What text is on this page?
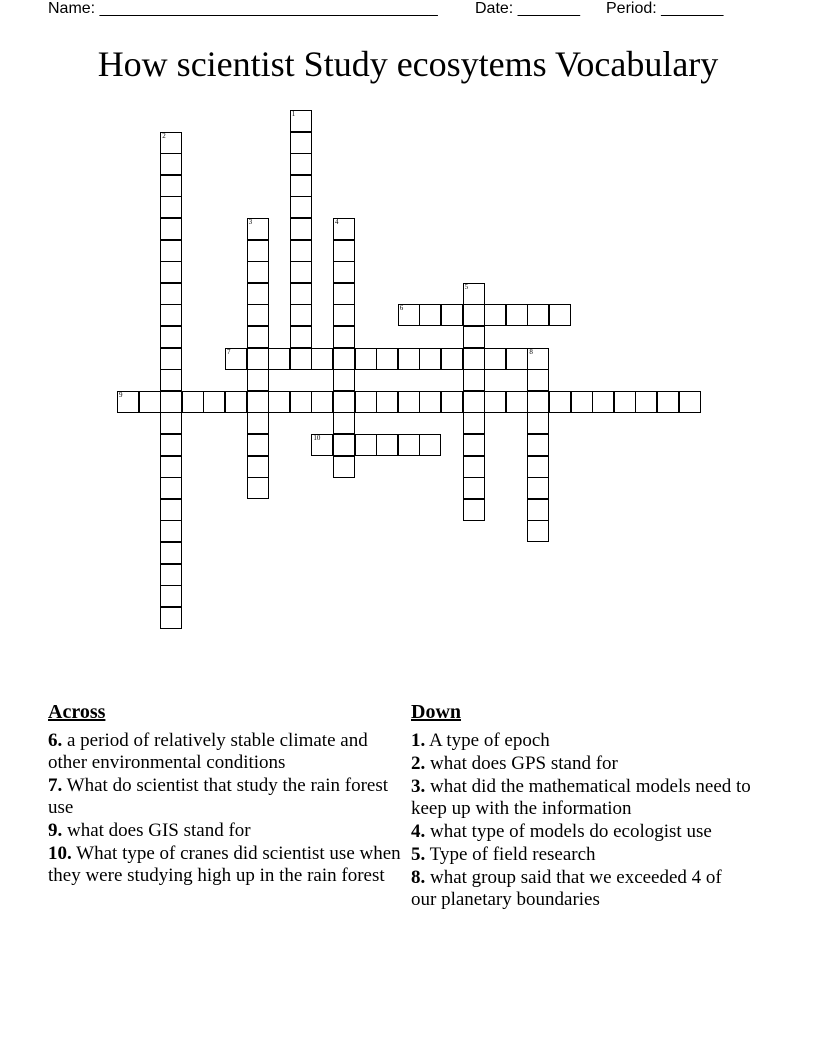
Name: ______________________________________ Date: _______ Period: _______
How scientist Study ecosytems Vocabulary
1
2
3	4
5
6
7	8
9
10
Across
6. a period of relatively stable climate and other environmental conditions
7. What do scientist that study the rain forest use
9. what does GIS stand for
10. What type of cranes did scientist use when they were studying high up in the rain forest
Down
1. A type of epoch
2. what does GPS stand for
3. what did the mathematical models need to keep up with the information
4. what type of models do ecologist use
5. Type of field research
8. what group said that we exceeded 4 of our planetary boundaries
